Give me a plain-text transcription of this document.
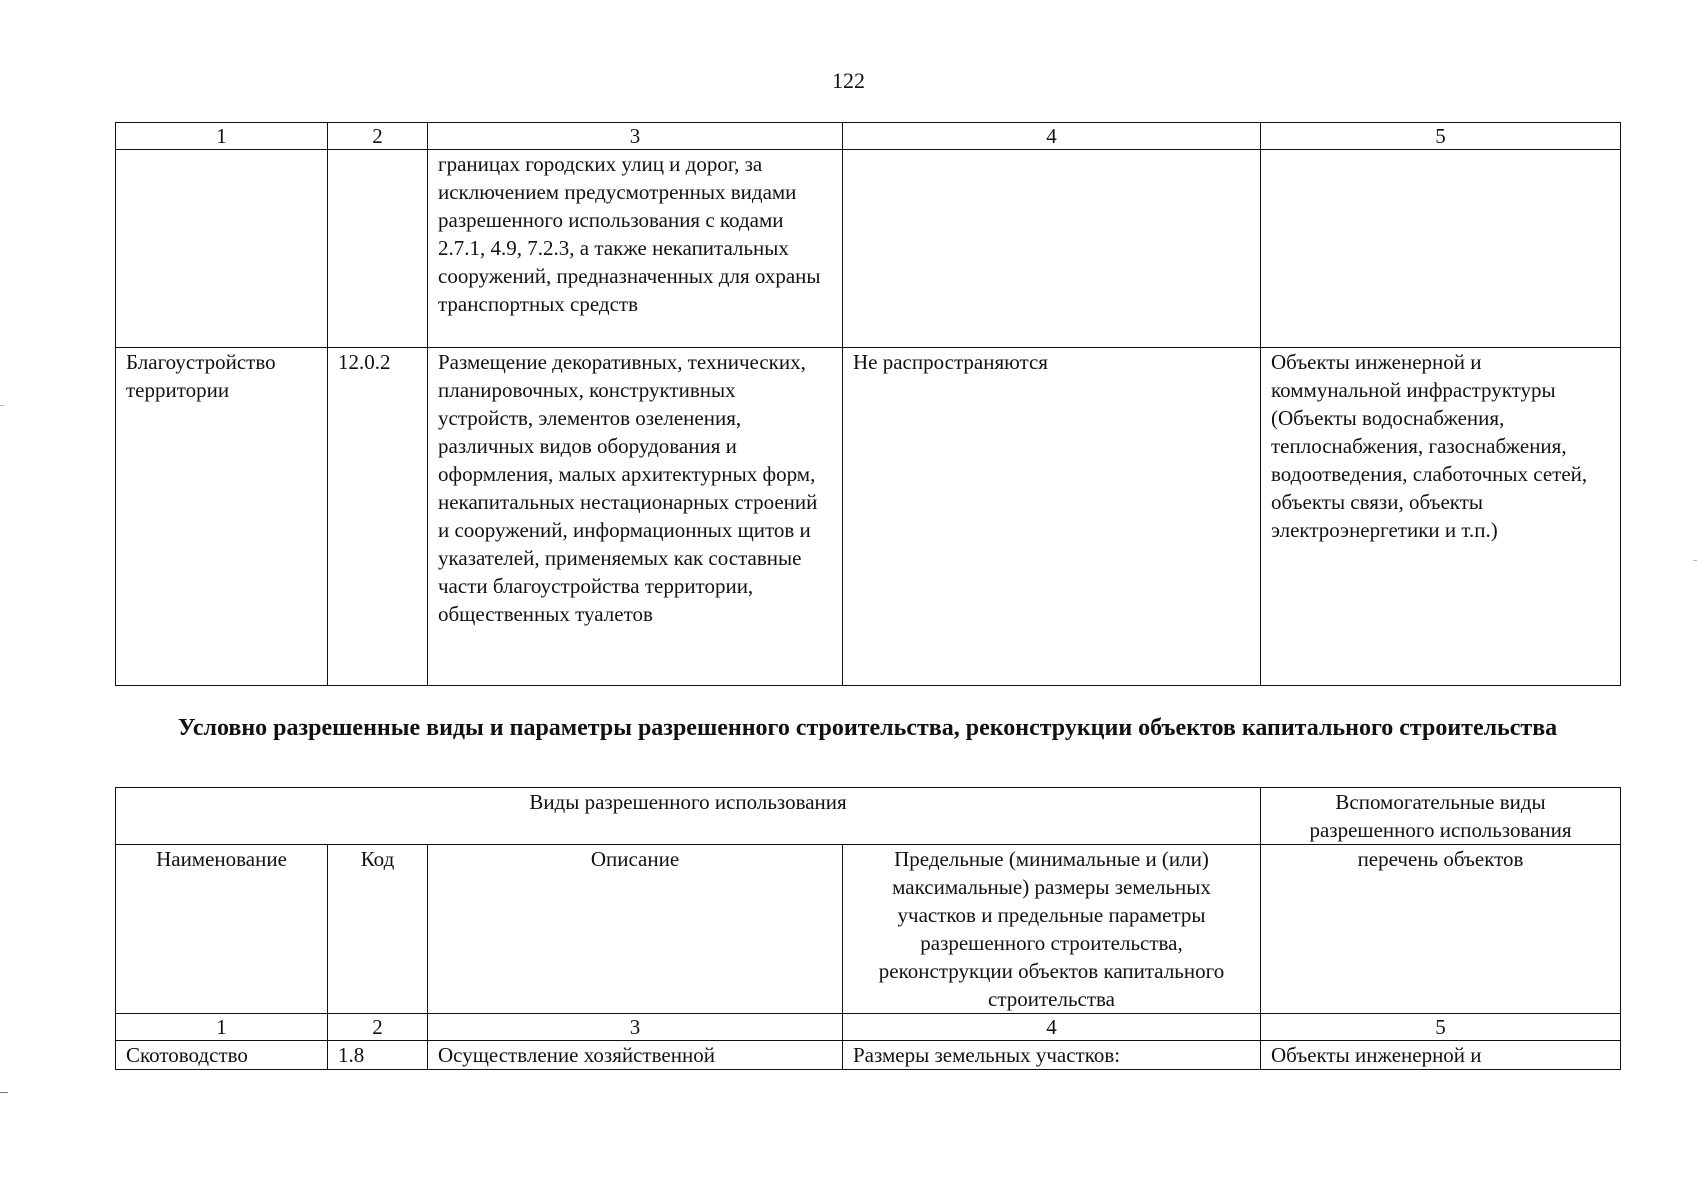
122
1	2	3	4	5
		границах городских улиц и дорог, за исключением предусмотренных видами разрешенного использования с кодами 2.7.1, 4.9, 7.2.3, а также некапитальных сооружений, предназначенных для охраны транспортных средств		
Благоустройство территории	12.0.2	Размещение декоративных, технических, планировочных, конструктивных устройств, элементов озеленения, различных видов оборудования и оформления, малых архитектурных форм, некапитальных нестационарных строений и сооружений, информационных щитов и указателей, применяемых как составные части благоустройства территории, общественных туалетов	Не распространяются	Объекты инженерной и коммунальной инфраструктуры (Объекты водоснабжения, теплоснабжения, газоснабжения, водоотведения, слаботочных сетей, объекты связи, объекты электроэнергетики и т.п.)
Условно разрешенные виды и параметры разрешенного строительства, реконструкции объектов капитального строительства
Виды разрешенного использования				Вспомогательные виды разрешенного использования
Наименование	Код	Описание	Предельные (минимальные и (или) максимальные) размеры земельных участков и предельные параметры разрешенного строительства, реконструкции объектов капитального строительства	перечень объектов
1	2	3	4	5
Скотоводство	1.8	Осуществление хозяйственной	Размеры земельных участков:	Объекты инженерной и
